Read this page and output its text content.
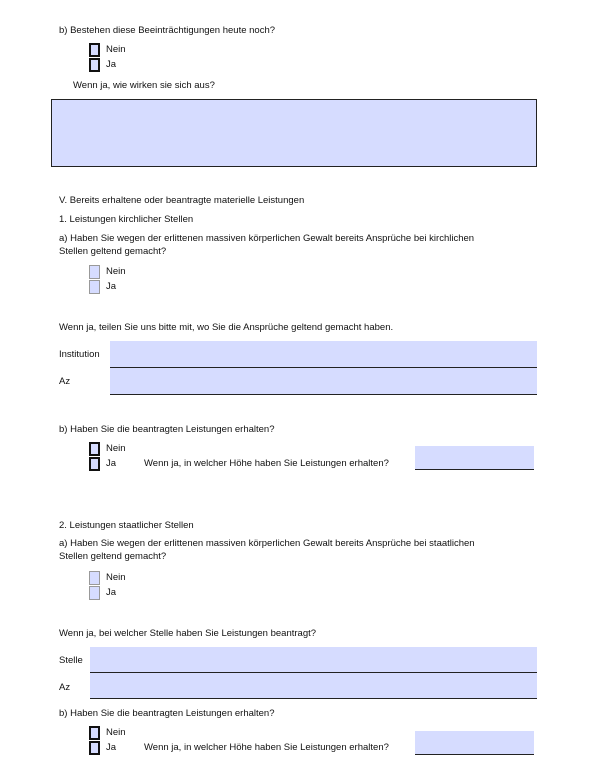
b) Bestehen diese Beeinträchtigungen heute noch?
Nein
Ja
Wenn ja, wie wirken sie sich aus?
V. Bereits erhaltene oder beantragte materielle Leistungen
1. Leistungen kirchlicher Stellen
a) Haben Sie wegen der erlittenen massiven körperlichen Gewalt bereits Ansprüche bei kirchlichen
Stellen geltend gemacht?
Nein
Ja
Wenn ja, teilen Sie uns bitte mit, wo Sie die Ansprüche geltend gemacht haben.
Institution
Az
b) Haben Sie die beantragten Leistungen erhalten?
Nein
Ja	Wenn ja, in welcher Höhe haben Sie Leistungen erhalten?
2. Leistungen staatlicher Stellen
a) Haben Sie wegen der erlittenen massiven körperlichen Gewalt bereits Ansprüche bei staatlichen
Stellen geltend gemacht?
Nein
Ja
Wenn ja, bei welcher Stelle haben Sie Leistungen beantragt?
Stelle
Az
b) Haben Sie die beantragten Leistungen erhalten?
Nein
Ja	Wenn ja, in welcher Höhe haben Sie Leistungen erhalten?
